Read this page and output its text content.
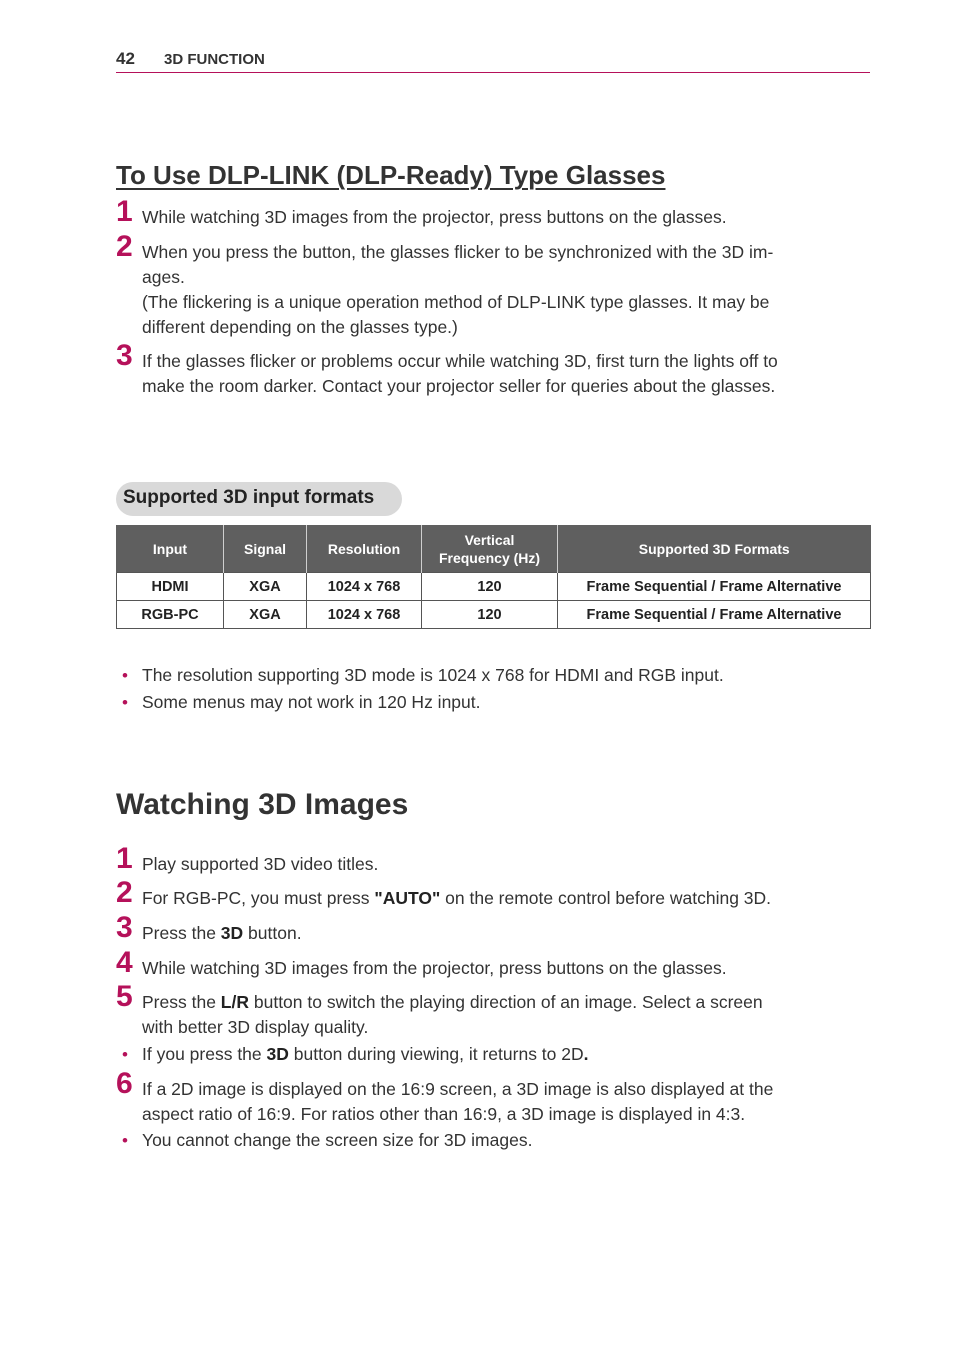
42 3D FUNCTION
To Use DLP-LINK (DLP-Ready) Type Glasses
1 While watching 3D images from the projector, press buttons on the glasses.
2 When you press the button, the glasses flicker to be synchronized with the 3D im-
ages.
(The flickering is a unique operation method of DLP-LINK type glasses. It may be
different depending on the glasses type.)
3 If the glasses flicker or problems occur while watching 3D, first turn the lights off to
make the room darker. Contact your projector seller for queries about the glasses.
Supported 3D input formats
Input	Signal	Resolution	Vertical
Frequency (Hz)	Supported 3D Formats
HDMI	XGA	1024 x 768	120	Frame Sequential / Frame Alternative
RGB-PC	XGA	1024 x 768	120	Frame Sequential / Frame Alternative
• The resolution supporting 3D mode is 1024 x 768 for HDMI and RGB input.
• Some menus may not work in 120 Hz input.
Watching 3D Images
1 Play supported 3D video titles.
2 For RGB-PC, you must press "AUTO" on the remote control before watching 3D.
3 Press the 3D button.
4 While watching 3D images from the projector, press buttons on the glasses.
5 Press the L/R button to switch the playing direction of an image. Select a screen
with better 3D display quality.
• If you press the 3D button during viewing, it returns to 2D.
6 If a 2D image is displayed on the 16:9 screen, a 3D image is also displayed at the
aspect ratio of 16:9. For ratios other than 16:9, a 3D image is displayed in 4:3.
• You cannot change the screen size for 3D images.
